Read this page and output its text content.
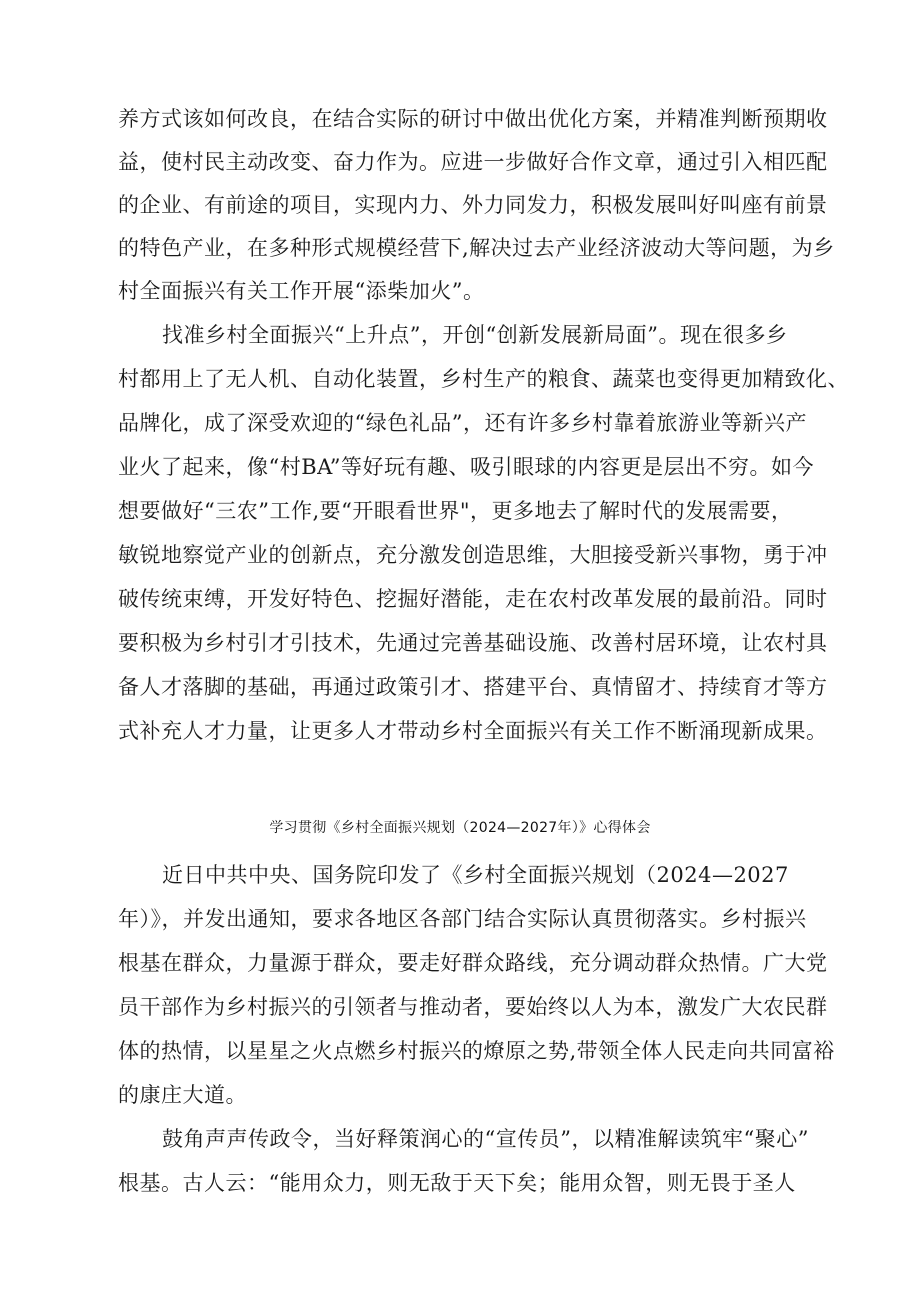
养方式该如何改良，在结合实际的研讨中做出优化方案，并精准判断预期收
益，使村民主动改变、奋力作为。应进一步做好合作文章，通过引入相匹配
的企业、有前途的项目，实现内力、外力同发力，积极发展叫好叫座有前景
的特色产业，在多种形式规模经营下,解决过去产业经济波动大等问题，为乡
村全面振兴有关工作开展“添柴加火”。
找准乡村全面振兴“上升点”，开创“创新发展新局面”。现在很多乡
村都用上了无人机、自动化装置，乡村生产的粮食、蔬菜也变得更加精致化、
品牌化，成了深受欢迎的“绿色礼品”，还有许多乡村靠着旅游业等新兴产
业火了起来，像“村BA”等好玩有趣、吸引眼球的内容更是层出不穷。如今
想要做好“三农”工作,要“开眼看世界"，更多地去了解时代的发展需要，
敏锐地察觉产业的创新点，充分激发创造思维，大胆接受新兴事物，勇于冲
破传统束缚，开发好特色、挖掘好潜能，走在农村改革发展的最前沿。同时
要积极为乡村引才引技术，先通过完善基础设施、改善村居环境，让农村具
备人才落脚的基础，再通过政策引才、搭建平台、真情留才、持续育才等方
式补充人才力量，让更多人才带动乡村全面振兴有关工作不断涌现新成果。
学习贯彻《乡村全面振兴规划（2024—2027年）》心得体会
近日中共中央、国务院印发了《乡村全面振兴规划（2024—2027
年）》，并发出通知，要求各地区各部门结合实际认真贯彻落实。乡村振兴
根基在群众，力量源于群众，要走好群众路线，充分调动群众热情。广大党
员干部作为乡村振兴的引领者与推动者，要始终以人为本，激发广大农民群
体的热情，以星星之火点燃乡村振兴的燎原之势,带领全体人民走向共同富裕
的康庄大道。
鼓角声声传政令，当好释策润心的“宣传员”，以精准解读筑牢“聚心”
根基。古人云：“能用众力，则无敌于天下矣；能用众智，则无畏于圣人
